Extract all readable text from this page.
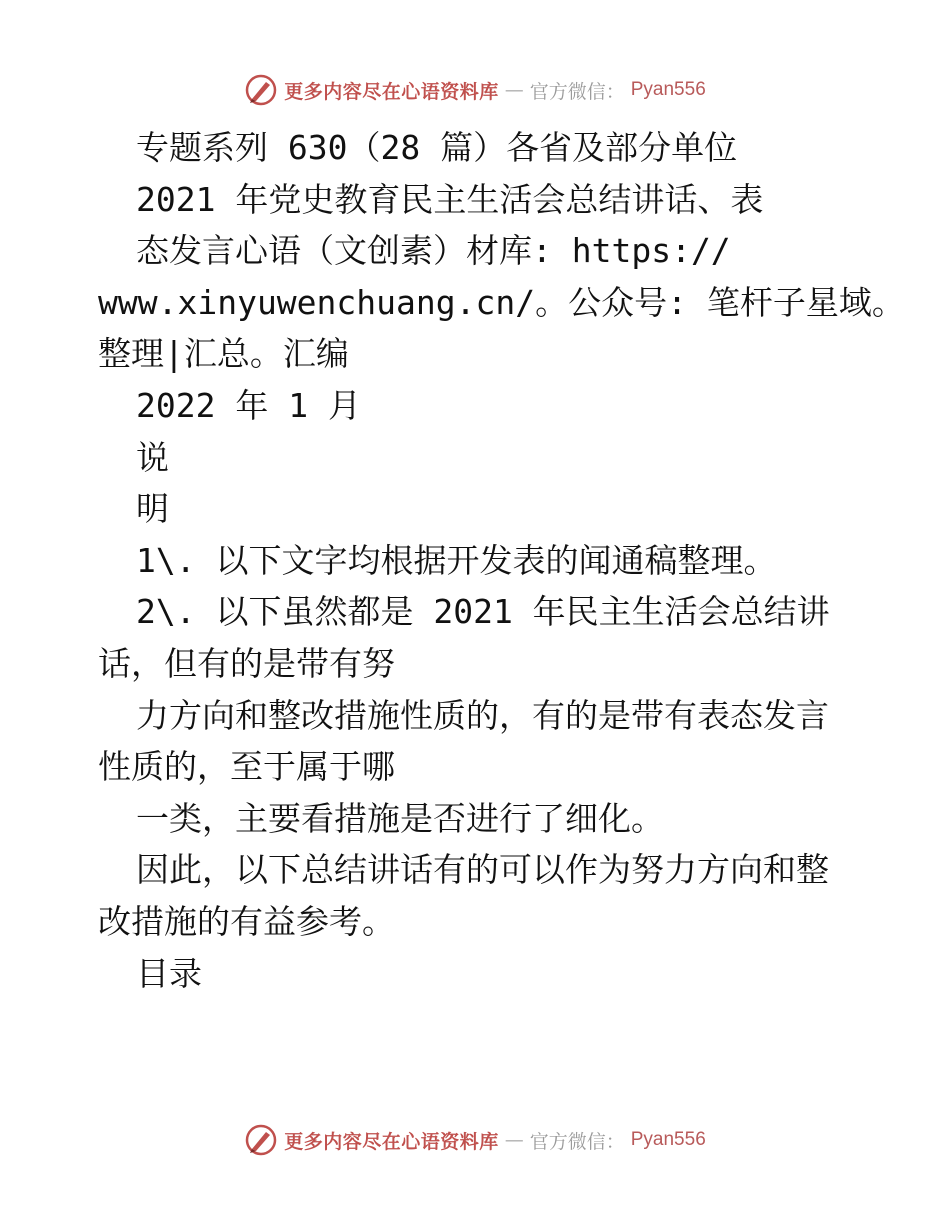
更多内容尽在心语资料库 — 官方微信： Pyan556
专题系列 630（28 篇）各省及部分单位
2021 年党史教育民主生活会总结讲话、表
态发言心语（文创素）材库: https://
www.xinyuwenchuang.cn/。公众号: 笔杆子星域。
整理|汇总。汇编
2022 年 1 月
说
明
1\. 以下文字均根据开发表的闻通稿整理。
2\. 以下虽然都是 2021 年民主生活会总结讲
话，但有的是带有努
力方向和整改措施性质的，有的是带有表态发言
性质的，至于属于哪
一类，主要看措施是否进行了细化。
因此，以下总结讲话有的可以作为努力方向和整
改措施的有益参考。
目录
更多内容尽在心语资料库 — 官方微信： Pyan556
